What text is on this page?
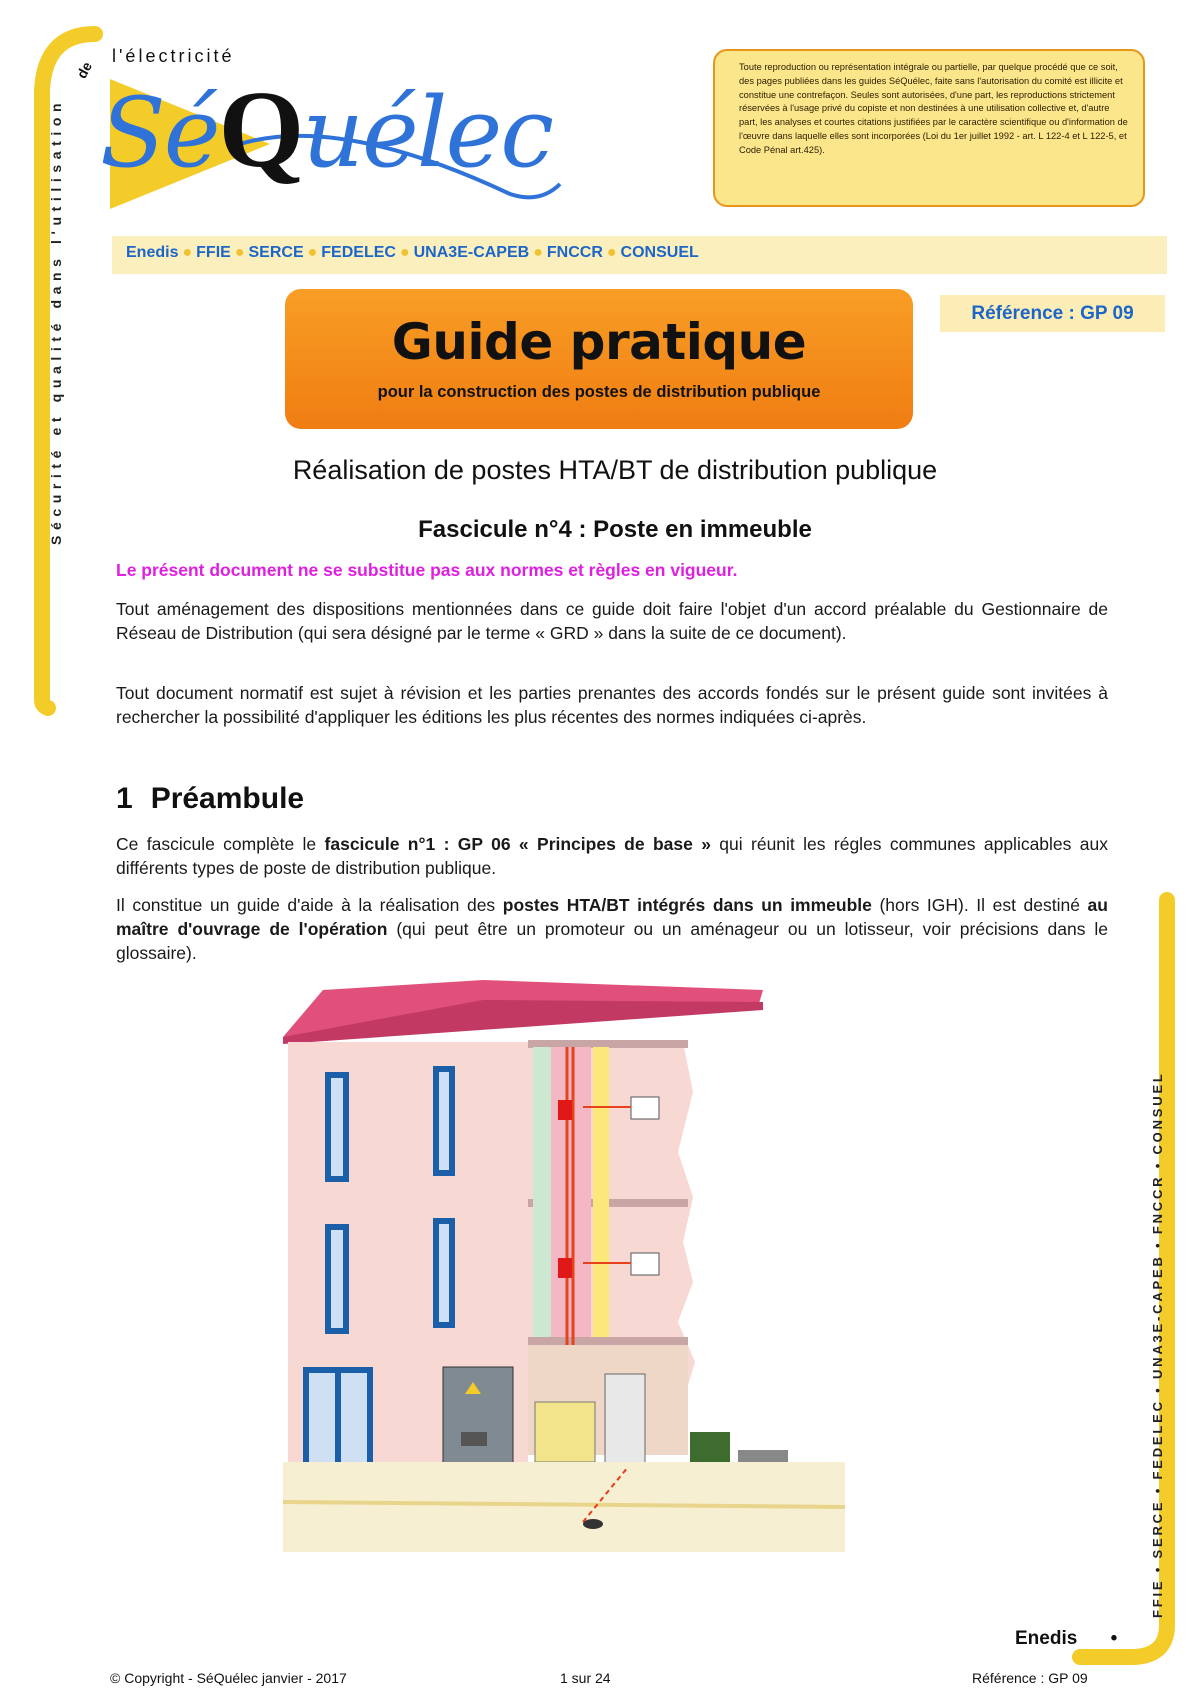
Sécurité et qualité dans l'utilisation
FFIE • SERCE • FEDELEC • UNA3E-CAPEB • FNCCR • CONSUEL
l'électricité
de
SéQuélec
Toute reproduction ou représentation intégrale ou partielle, par quelque procédé que ce soit, des pages publiées dans les guides SéQuélec, faite sans l'autorisation du comité est illicite et constitue une contrefaçon. Seules sont autorisées, d'une part, les reproductions strictement réservées à l'usage privé du copiste et non destinées à une utilisation collective et, d'autre part, les analyses et courtes citations justifiées par le caractère scientifique ou d'information de l'œuvre dans laquelle elles sont incorporées (Loi du 1er juillet 1992 - art. L 122-4 et L 122-5, et Code Pénal art.425).
Enedis ● FFIE ● SERCE ● FEDELEC ● UNA3E-CAPEB ● FNCCR ● CONSUEL
Guide pratique
pour la construction des postes de distribution publique
Référence : GP 09
Réalisation de postes HTA/BT de distribution publique
Fascicule n°4 : Poste en immeuble
Le présent document ne se substitue pas aux normes et règles en vigueur.
Tout aménagement des dispositions mentionnées dans ce guide doit faire l'objet d'un accord préalable du Gestionnaire de Réseau de Distribution (qui sera désigné par le terme « GRD » dans la suite de ce document).
Tout document normatif est sujet à révision et les parties prenantes des accords fondés sur le présent guide sont invitées à rechercher la possibilité d'appliquer les éditions les plus récentes des normes indiquées ci-après.
1 Préambule
Ce fascicule complète le fascicule n°1 : GP 06 « Principes de base » qui réunit les régles communes applicables aux différents types de poste de distribution publique.
Il constitue un guide d'aide à la réalisation des postes HTA/BT intégrés dans un immeuble (hors IGH). Il est destiné au maître d'ouvrage de l'opération (qui peut être un promoteur ou un aménageur ou un lotisseur, voir précisions dans le glossaire).
Enedis •
© Copyright - SéQuélec janvier - 2017	1 sur 24	Référence : GP 09
